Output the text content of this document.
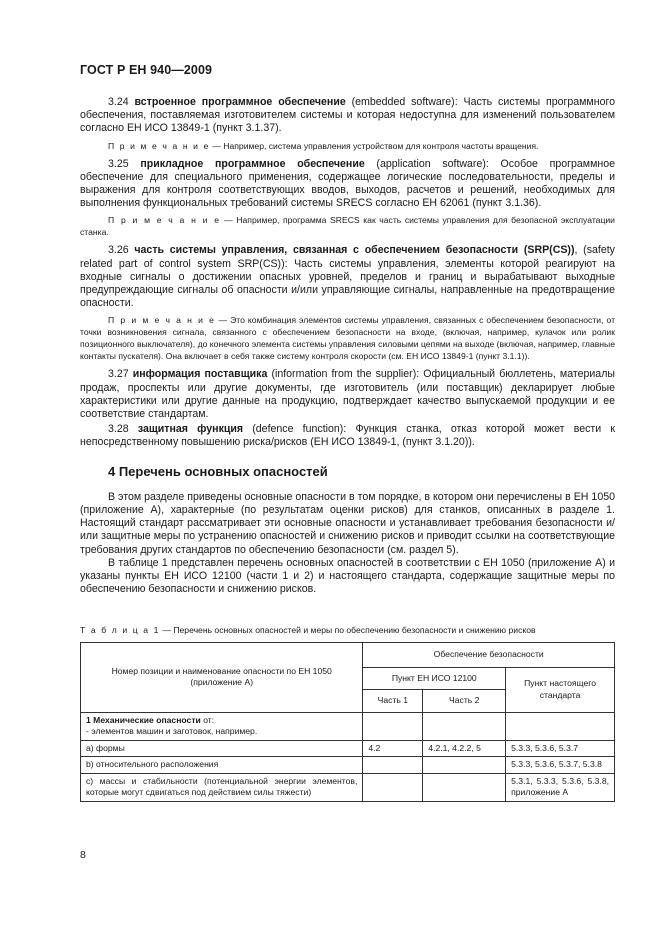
ГОСТ Р ЕН 940—2009

3.24 встроенное программное обеспечение (embedded software): Часть системы программного обеспечения, поставляемая изготовителем системы и которая недоступна для изменений пользователем согласно ЕН ИСО 13849-1 (пункт 3.1.37).

П р и м е ч а н и е — Например, система управления устройством для контроля частоты вращения.

3.25 прикладное программное обеспечение (application software): Особое программное обеспечение для специального применения, содержащее логические последовательности, пределы и выражения для контроля соответствующих вводов, выходов, расчетов и решений, необходимых для выполнения функциональных требований системы SRECS согласно ЕН 62061 (пункт 3.1.36).

П р и м е ч а н и е — Например, программа SRECS как часть системы управления для безопасной эксплуатации станка.

3.26 часть системы управления, связанная с обеспечением безопасности (SRP(CS)), (safety related part of control system SRP(CS)): Часть системы управления, элементы которой реагируют на входные сигналы о достижении опасных уровней, пределов и границ и вырабатывают выходные предупреждающие сигналы об опасности и/или управляющие сигналы, направленные на предотвращение опасности.

П р и м е ч а н и е — Это комбинация элементов системы управления, связанных с обеспечением безопасности, от точки возникновения сигнала, связанного с обеспечением безопасности на входе, (включая, например, кулачок или ролик позиционного выключателя), до конечного элемента системы управления силовыми цепями на выходе (включая, например, главные контакты пускателя). Она включает в себя также систему контроля скорости (см. ЕН ИСО 13849-1 (пункт 3.1.1)).

3.27 информация поставщика (information from the supplier): Официальный бюллетень, материалы продаж, проспекты или другие документы, где изготовитель (или поставщик) декларирует любые характеристики или другие данные на продукцию, подтверждает качество выпускаемой продукции и ее соответствие стандартам.

3.28 защитная функция (defence function): Функция станка, отказ которой может вести к непосредственному повышению риска/рисков (ЕН ИСО 13849-1, (пункт 3.1.20)).

4 Перечень основных опасностей

В этом разделе приведены основные опасности в том порядке, в котором они перечислены в ЕН 1050 (приложение А), характерные (по результатам оценки рисков) для станков, описанных в разделе 1. Настоящий стандарт рассматривает эти основные опасности и устанавливает требования безопасности и/или защитные меры по устранению опасностей и снижению рисков и приводит ссылки на соответствующие требования других стандартов по обеспечению безопасности (см. раздел 5).

В таблице 1 представлен перечень основных опасностей в соответствии с ЕН 1050 (приложение А) и указаны пункты ЕН ИСО 12100 (части 1 и 2) и настоящего стандарта, содержащие защитные меры по обеспечению безопасности и снижению рисков.

Т а б л и ц а 1 — Перечень основных опасностей и меры по обеспечению безопасности и снижению рисков
Номер позиции и наименование опасности по ЕН 1050 (приложение А)	Обеспечение безопасности		
	Пункт ЕН ИСО 12100		Пункт настоящего стандарта
	Часть 1	Часть 2	
1 Механические опасности от:
- элементов машин и заготовок, например.			
a) формы	4.2	4.2.1, 4.2.2, 5	5.3.3, 5.3.6, 5.3.7
b) относительного расположения			5.3.3, 5.3.6, 5.3.7, 5.3.8
c) массы и стабильности (потенциальной энергии элементов, которые могут сдвигаться под действием силы тяжести)			5.3.1, 5.3.3, 5.3.6, 5.3.8, приложение А
8
